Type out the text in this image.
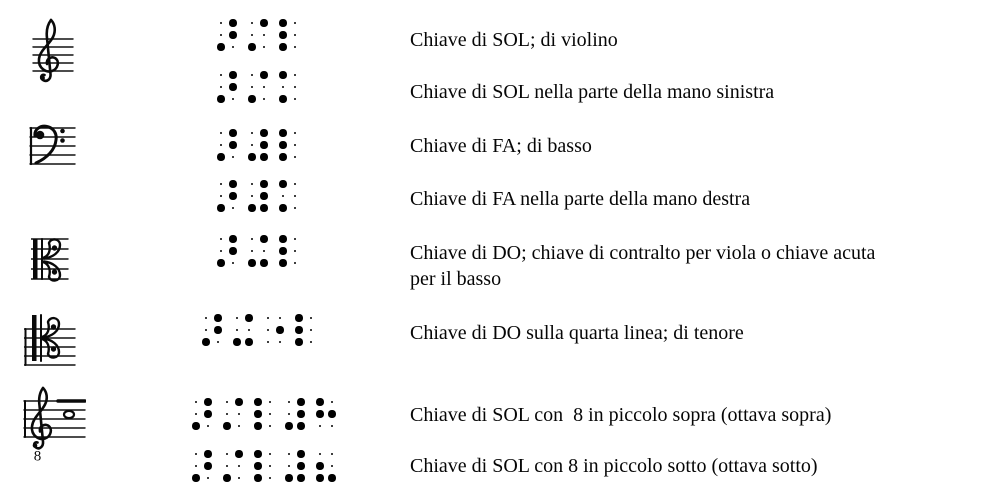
8
Chiave di SOL; di violino
Chiave di SOL nella parte della mano sinistra
Chiave di FA; di basso
Chiave di FA nella parte della mano destra
Chiave di DO; chiave di contralto per viola o chiave acuta per il basso
Chiave di DO sulla quarta linea; di tenore
Chiave di SOL con  8 in piccolo sopra (ottava sopra)
Chiave di SOL con 8 in piccolo sotto (ottava sotto)
